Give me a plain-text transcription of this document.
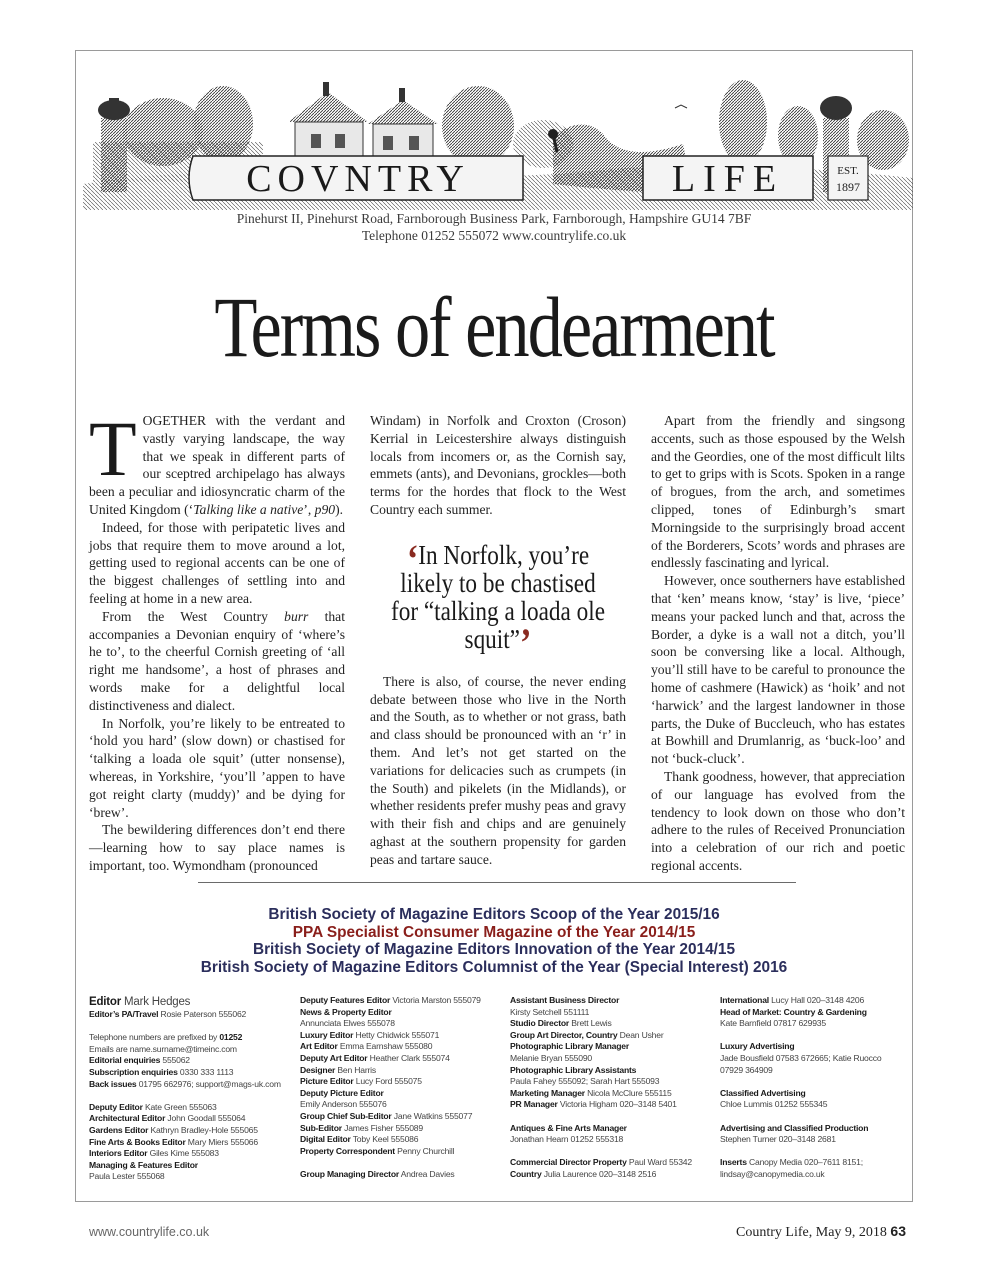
COVNTRY	LIFE	EST.
1897
Pinehurst II, Pinehurst Road, Farnborough Business Park, Farnborough, Hampshire GU14 7BF
Telephone 01252 555072 www.countrylife.co.uk
Terms of endearment

TOGETHER with the verdant and vastly varying landscape, the way that we speak in different parts of our sceptred archipelago has always been a peculiar and idiosyncratic charm of the United Kingdom (‘Talking like a native’, p90).

Indeed, for those with peripatetic lives and jobs that require them to move around a lot, getting used to regional accents can be one of the biggest challenges of settling into and feeling at home in a new area.

From the West Country burr that accompanies a Devonian enquiry of ‘where’s he to’, to the cheerful Cornish greeting of ‘all right me handsome’, a host of phrases and words make for a delightful local distinctiveness and dialect.

In Norfolk, you’re likely to be entreated to ‘hold you hard’ (slow down) or chastised for ‘talking a loada ole squit’ (utter nonsense), whereas, in Yorkshire, ‘you’ll ’appen to have got reight clarty (muddy)’ and be dying for ‘brew’.

The bewildering differences don’t end there—learning how to say place names is important, too. Wymondham (pronounced

Windam) in Norfolk and Croxton (Croson) Kerrial in Leicestershire always distinguish locals from incomers or, as the Cornish say, emmets (ants), and Devonians, grockles—both terms for the hordes that flock to the West Country each summer.

‘In Norfolk, you’re likely to be chastised for “talking a loada ole squit”’

There is also, of course, the never ending debate between those who live in the North and the South, as to whether or not grass, bath and class should be pronounced with an ‘r’ in them. And let’s not get started on the variations for delicacies such as crumpets (in the South) and pikelets (in the Midlands), or whether residents prefer mushy peas and gravy with their fish and chips and are genuinely aghast at the southern propensity for garden peas and tartare sauce.

Apart from the friendly and singsong accents, such as those espoused by the Welsh and the Geordies, one of the most difficult lilts to get to grips with is Scots. Spoken in a range of brogues, from the arch, and sometimes clipped, tones of Edinburgh’s smart Morningside to the surprisingly broad accent of the Borderers, Scots’ words and phrases are endlessly fascinating and lyrical.

However, once southerners have established that ‘ken’ means know, ‘stay’ is live, ‘piece’ means your packed lunch and that, across the Border, a dyke is a wall not a ditch, you’ll soon be conversing like a local. Although, you’ll still have to be careful to pronounce the home of cashmere (Hawick) as ‘hoik’ and not ‘harwick’ and the largest landowner in those parts, the Duke of Buccleuch, who has estates at Bowhill and Drumlanrig, as ‘buck-loo’ and not ‘buck-cluck’.

Thank goodness, however, that appreciation of our language has evolved from the tendency to look down on those who don’t adhere to the rules of Received Pronunciation into a celebration of our rich and poetic regional accents.

British Society of Magazine Editors Scoop of the Year 2015/16
PPA Specialist Consumer Magazine of the Year 2014/15
British Society of Magazine Editors Innovation of the Year 2014/15
British Society of Magazine Editors Columnist of the Year (Special Interest) 2016
Editor Mark Hedges
Editor’s PA/Travel Rosie Paterson 555062
Telephone numbers are prefixed by 01252
Emails are name.surname@timeinc.com
Editorial enquiries 555062
Subscription enquiries 0330 333 1113
Back issues 01795 662976; support@mags-uk.com
Deputy Editor Kate Green 555063
Architectural Editor John Goodall 555064
Gardens Editor Kathryn Bradley-Hole 555065
Fine Arts & Books Editor Mary Miers 555066
Interiors Editor Giles Kime 555083
Managing & Features Editor
Paula Lester 555068
Deputy Features Editor Victoria Marston 555079
News & Property Editor
Annunciata Elwes 555078
Luxury Editor Hetty Chidwick 555071
Art Editor Emma Earnshaw 555080
Deputy Art Editor Heather Clark 555074
Designer Ben Harris
Picture Editor Lucy Ford 555075
Deputy Picture Editor
Emily Anderson 555076
Group Chief Sub-Editor Jane Watkins 555077
Sub-Editor James Fisher 555089
Digital Editor Toby Keel 555086
Property Correspondent Penny Churchill
Group Managing Director Andrea Davies
Assistant Business Director
Kirsty Setchell 551111
Studio Director Brett Lewis
Group Art Director, Country Dean Usher
Photographic Library Manager
Melanie Bryan 555090
Photographic Library Assistants
Paula Fahey 555092; Sarah Hart 555093
Marketing Manager Nicola McClure 555115
PR Manager Victoria Higham 020–3148 5401
Antiques & Fine Arts Manager
Jonathan Hearn 01252 555318
Commercial Director Property Paul Ward 55342
Country Julia Laurence 020–3148 2516
International Lucy Hall 020–3148 4206
Head of Market: Country & Gardening
Kate Barnfield 07817 629935
Luxury Advertising
Jade Bousfield 07583 672665; Katie Ruocco
07929 364909
Classified Advertising
Chloe Lummis 01252 555345
Advertising and Classified Production
Stephen Turner 020–3148 2681
Inserts Canopy Media 020–7611 8151;
lindsay@canopymedia.co.uk
www.countrylife.co.uk	Country Life, May 9, 2018 63
